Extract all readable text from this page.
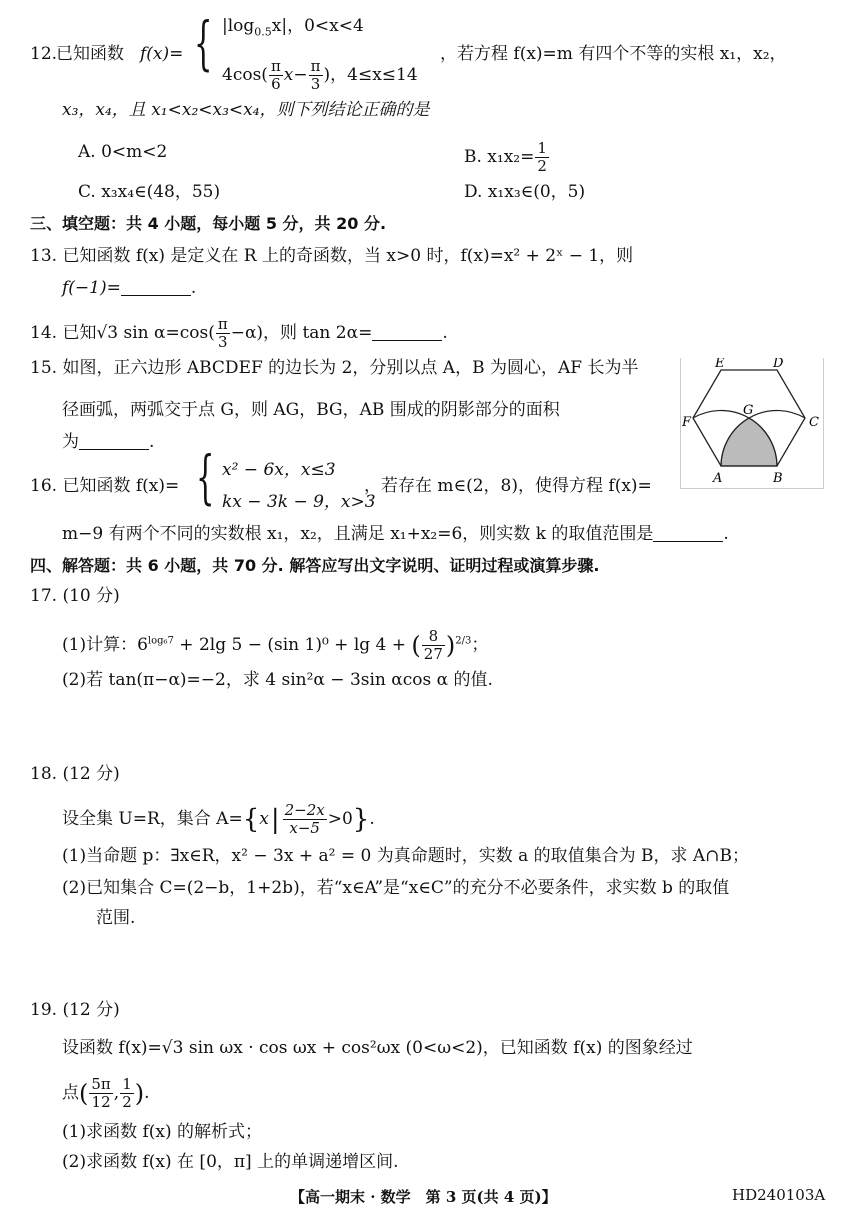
12.
已知函数 f(x)= { $|\log_{0.5}x|$，0<x<4
$4\cos( \frac{\pi}{6} x- \frac{\pi}{3}$ )，4≤x≤14
，若方程 f(x)=m 有四个不等的实根 x₁，x₂，
x₃，x₄，且 x₁<x₂<x₃<x₄，则下列结论正确的是
A. 0<m<2	B. $x_1x_2= \frac{1}{2}$
C. x₃x₄∈(48，55)	D. x₁x₃∈(0，5)
三、填空题：共 4 小题，每小题 5 分，共 20 分.
13. 已知函数 f(x) 是定义在 R 上的奇函数，当 x>0 时，f(x)=x² + 2ˣ − 1，则
f(−1)=	.
14. 已知√3 $\sin \alpha=\cos( \frac{\pi}{3} -\alpha)$，则 tan 2α=	.
15. 如图，正六边形 ABCDEF 的边长为 2，分别以点 A，B 为圆心，AF 长为半
径画弧，两弧交于点 G，则 AG，BG，AB 围成的阴影部分的面积
为	.
E	D
F
G
C
A	B
16. 已知函数 f(x)= { x² − 6x，x≤3
kx − 3k − 9，x>3
，若存在 m∈(2，8)，使得方程 f(x)=
m−9 有两个不同的实数根 x₁，x₂，且满足 x₁+x₂=6，则实数 k 的取值范围是	.
四、解答题：共 6 小题，共 70 分. 解答应写出文字说明、证明过程或演算步骤.
17. (10 分)
(1)计算：$6^{log_67} + 2\lg$ 5 − (sin 1)⁰ + lg 4 + ( $\frac{8}{27} )^{2/3}$；
(2)若 tan(π−α)=−2，求 4 sin²α − 3sin αcos α 的值.
18. (12 分)
设全集 U=R，集合 $A=\{x| \frac{2-2x}{x-5} >0\}$.
(1)当命题 p：∃x∈R，x² − 3x + a² = 0 为真命题时，实数 a 的取值集合为 B，求 A∩B；
(2)已知集合 C=(2−b，1+2b)，若“x∈A”是“x∈C”的充分不必要条件，求实数 b 的取值
范围.
19. (12 分)
设函数 f(x)=√3 sin ωx · cos ωx + cos²ωx (0<ω<2)，已知函数 f(x) 的图象经过
点( $\frac{5\pi}{12}$ , $\frac{1}{2}$ ).
(1)求函数 f(x) 的解析式；
(2)求函数 f(x) 在 [0，π] 上的单调递增区间.
【高一期末 · 数学　第 3 页(共 4 页)】	HD240103A
